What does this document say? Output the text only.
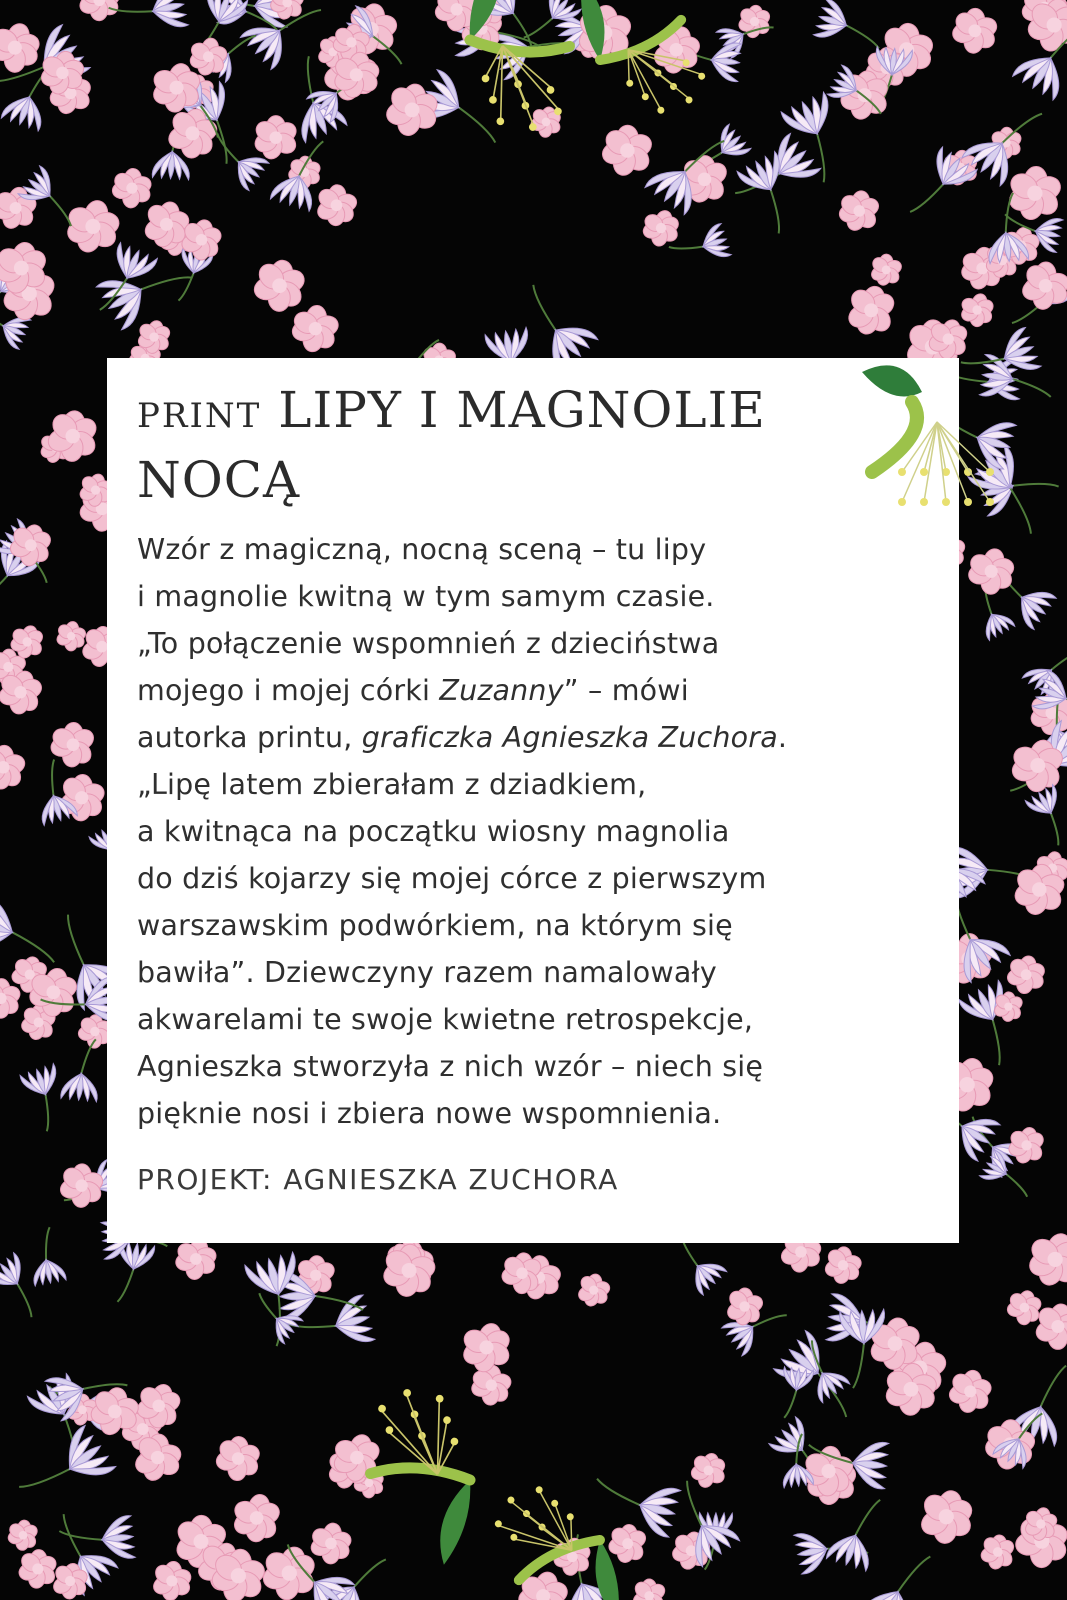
PRINT LIPY I MAGNOLIE NOCĄ
Wzór z magiczną, nocną sceną – tu lipy
i magnolie kwitną w tym samym czasie.
„To połączenie wspomnień z dzieciństwa
mojego i mojej córki Zuzanny” – mówi
autorka printu, graficzka Agnieszka Zuchora.
„Lipę latem zbierałam z dziadkiem,
a kwitnąca na początku wiosny magnolia
do dziś kojarzy się mojej córce z pierwszym
warszawskim podwórkiem, na którym się
bawiła”. Dziewczyny razem namalowały
akwarelami te swoje kwietne retrospekcje,
Agnieszka stworzyła z nich wzór – niech się
pięknie nosi i zbiera nowe wspomnienia.
PROJEKT: AGNIESZKA ZUCHORA
